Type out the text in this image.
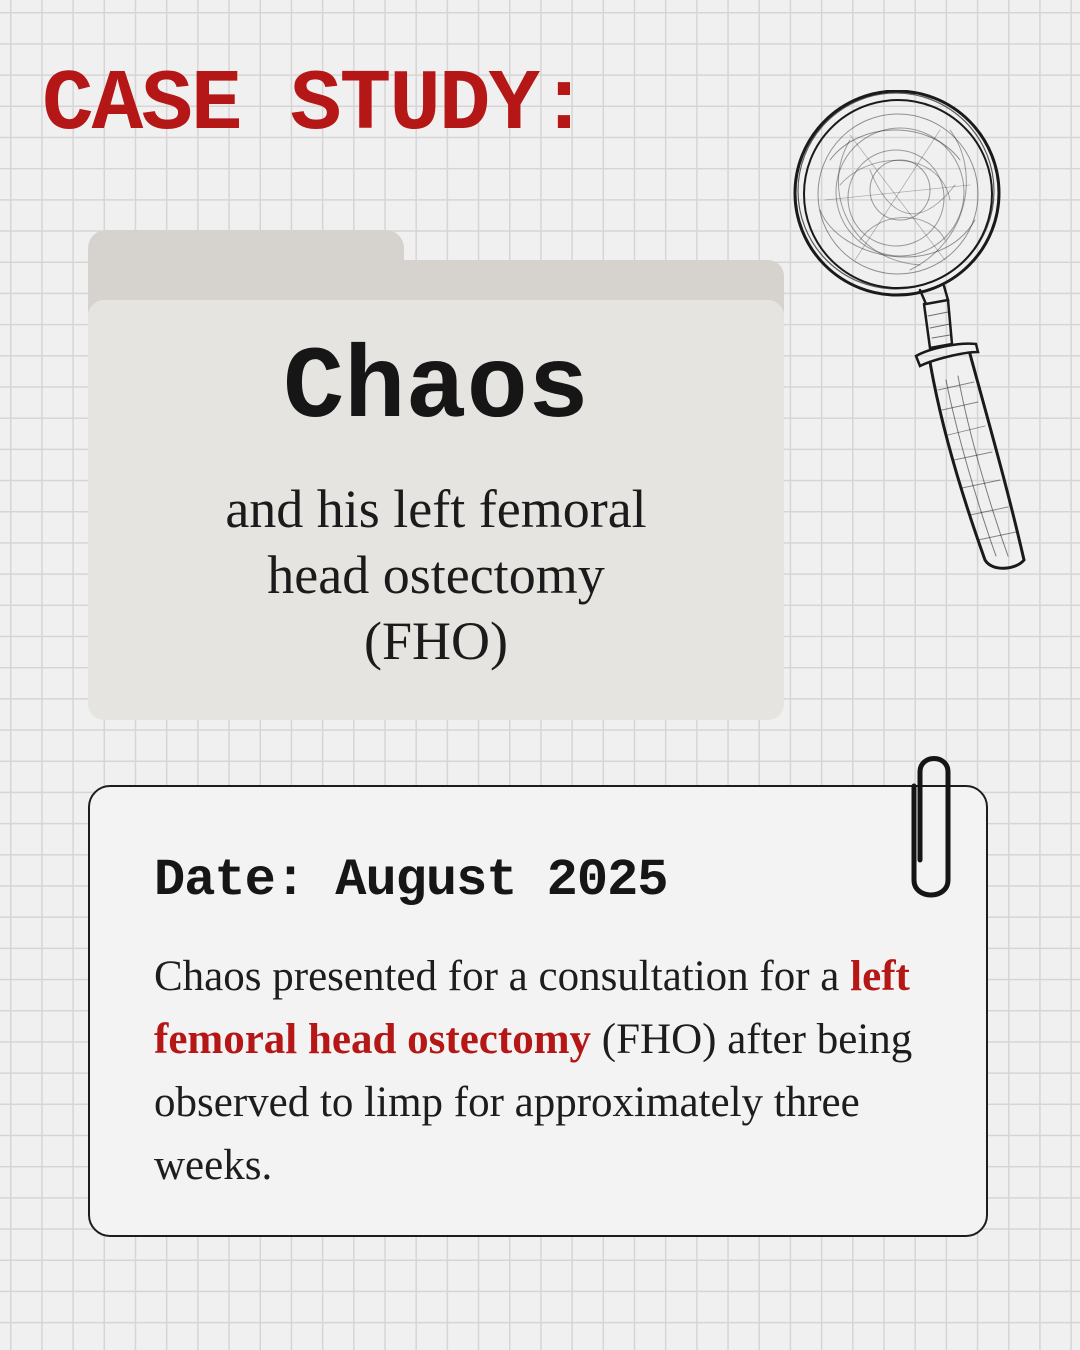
CASE STUDY:
Chaos
and his left femoral
head ostectomy
(FHO)

Date: August 2025

Chaos presented for a consultation for a left femoral head ostectomy (FHO) after being observed to limp for approximately three weeks.
